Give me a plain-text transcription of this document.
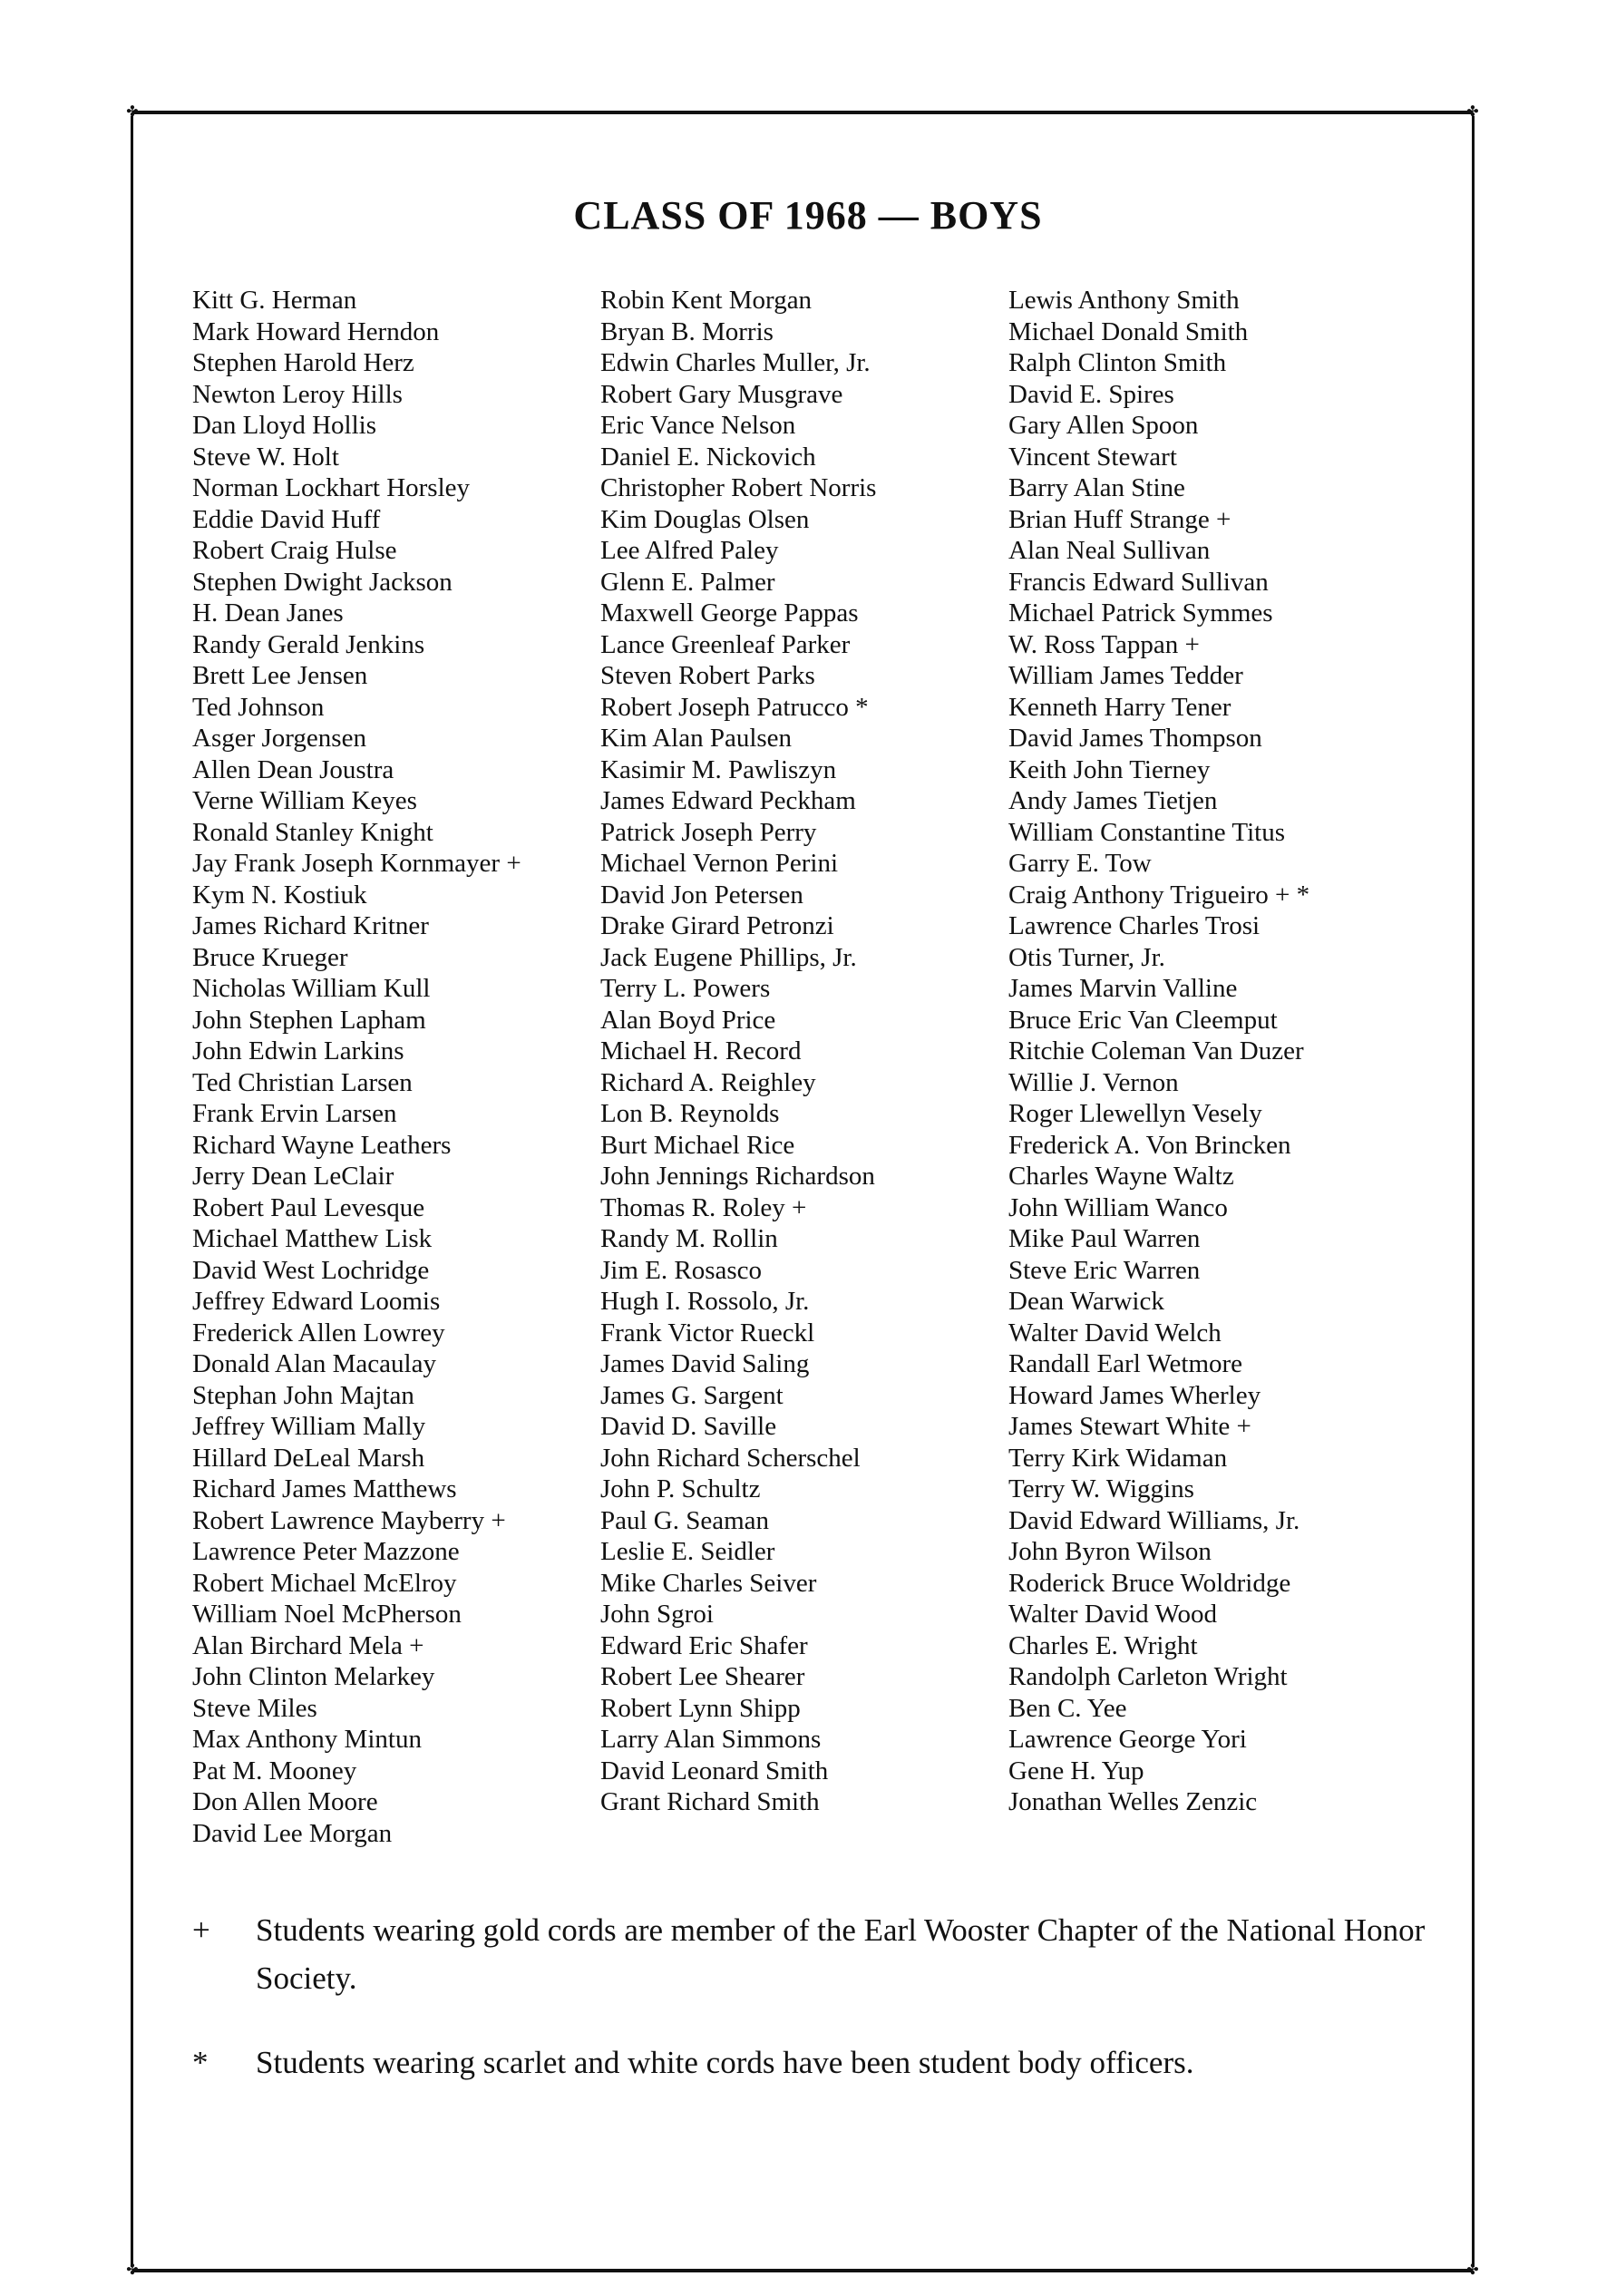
✤	✤
✤	✤
CLASS OF 1968 — BOYS
Kitt G. Herman
Mark Howard Herndon
Stephen Harold Herz
Newton Leroy Hills
Dan Lloyd Hollis
Steve W. Holt
Norman Lockhart Horsley
Eddie David Huff
Robert Craig Hulse
Stephen Dwight Jackson
H. Dean Janes
Randy Gerald Jenkins
Brett Lee Jensen
Ted Johnson
Asger Jorgensen
Allen Dean Joustra
Verne William Keyes
Ronald Stanley Knight
Jay Frank Joseph Kornmayer +
Kym N. Kostiuk
James Richard Kritner
Bruce Krueger
Nicholas William Kull
John Stephen Lapham
John Edwin Larkins
Ted Christian Larsen
Frank Ervin Larsen
Richard Wayne Leathers
Jerry Dean LeClair
Robert Paul Levesque
Michael Matthew Lisk
David West Lochridge
Jeffrey Edward Loomis
Frederick Allen Lowrey
Donald Alan Macaulay
Stephan John Majtan
Jeffrey William Mally
Hillard DeLeal Marsh
Richard James Matthews
Robert Lawrence Mayberry +
Lawrence Peter Mazzone
Robert Michael McElroy
William Noel McPherson
Alan Birchard Mela +
John Clinton Melarkey
Steve Miles
Max Anthony Mintun
Pat M. Mooney
Don Allen Moore
David Lee Morgan
Robin Kent Morgan
Bryan B. Morris
Edwin Charles Muller, Jr.
Robert Gary Musgrave
Eric Vance Nelson
Daniel E. Nickovich
Christopher Robert Norris
Kim Douglas Olsen
Lee Alfred Paley
Glenn E. Palmer
Maxwell George Pappas
Lance Greenleaf Parker
Steven Robert Parks
Robert Joseph Patrucco *
Kim Alan Paulsen
Kasimir M. Pawliszyn
James Edward Peckham
Patrick Joseph Perry
Michael Vernon Perini
David Jon Petersen
Drake Girard Petronzi
Jack Eugene Phillips, Jr.
Terry L. Powers
Alan Boyd Price
Michael H. Record
Richard A. Reighley
Lon B. Reynolds
Burt Michael Rice
John Jennings Richardson
Thomas R. Roley +
Randy M. Rollin
Jim E. Rosasco
Hugh I. Rossolo, Jr.
Frank Victor Rueckl
James David Saling
James G. Sargent
David D. Saville
John Richard Scherschel
John P. Schultz
Paul G. Seaman
Leslie E. Seidler
Mike Charles Seiver
John Sgroi
Edward Eric Shafer
Robert Lee Shearer
Robert Lynn Shipp
Larry Alan Simmons
David Leonard Smith
Grant Richard Smith
Lewis Anthony Smith
Michael Donald Smith
Ralph Clinton Smith
David E. Spires
Gary Allen Spoon
Vincent Stewart
Barry Alan Stine
Brian Huff Strange +
Alan Neal Sullivan
Francis Edward Sullivan
Michael Patrick Symmes
W. Ross Tappan +
William James Tedder
Kenneth Harry Tener
David James Thompson
Keith John Tierney
Andy James Tietjen
William Constantine Titus
Garry E. Tow
Craig Anthony Trigueiro + *
Lawrence Charles Trosi
Otis Turner, Jr.
James Marvin Valline
Bruce Eric Van Cleemput
Ritchie Coleman Van Duzer
Willie J. Vernon
Roger Llewellyn Vesely
Frederick A. Von Brincken
Charles Wayne Waltz
John William Wanco
Mike Paul Warren
Steve Eric Warren
Dean Warwick
Walter David Welch
Randall Earl Wetmore
Howard James Wherley
James Stewart White +
Terry Kirk Widaman
Terry W. Wiggins
David Edward Williams, Jr.
John Byron Wilson
Roderick Bruce Woldridge
Walter David Wood
Charles E. Wright
Randolph Carleton Wright
Ben C. Yee
Lawrence George Yori
Gene H. Yup
Jonathan Welles Zenzic

+	Students wearing gold cords are member of the Earl Wooster Chapter of the National Honor Society.

*	Students wearing scarlet and white cords have been student body officers.
